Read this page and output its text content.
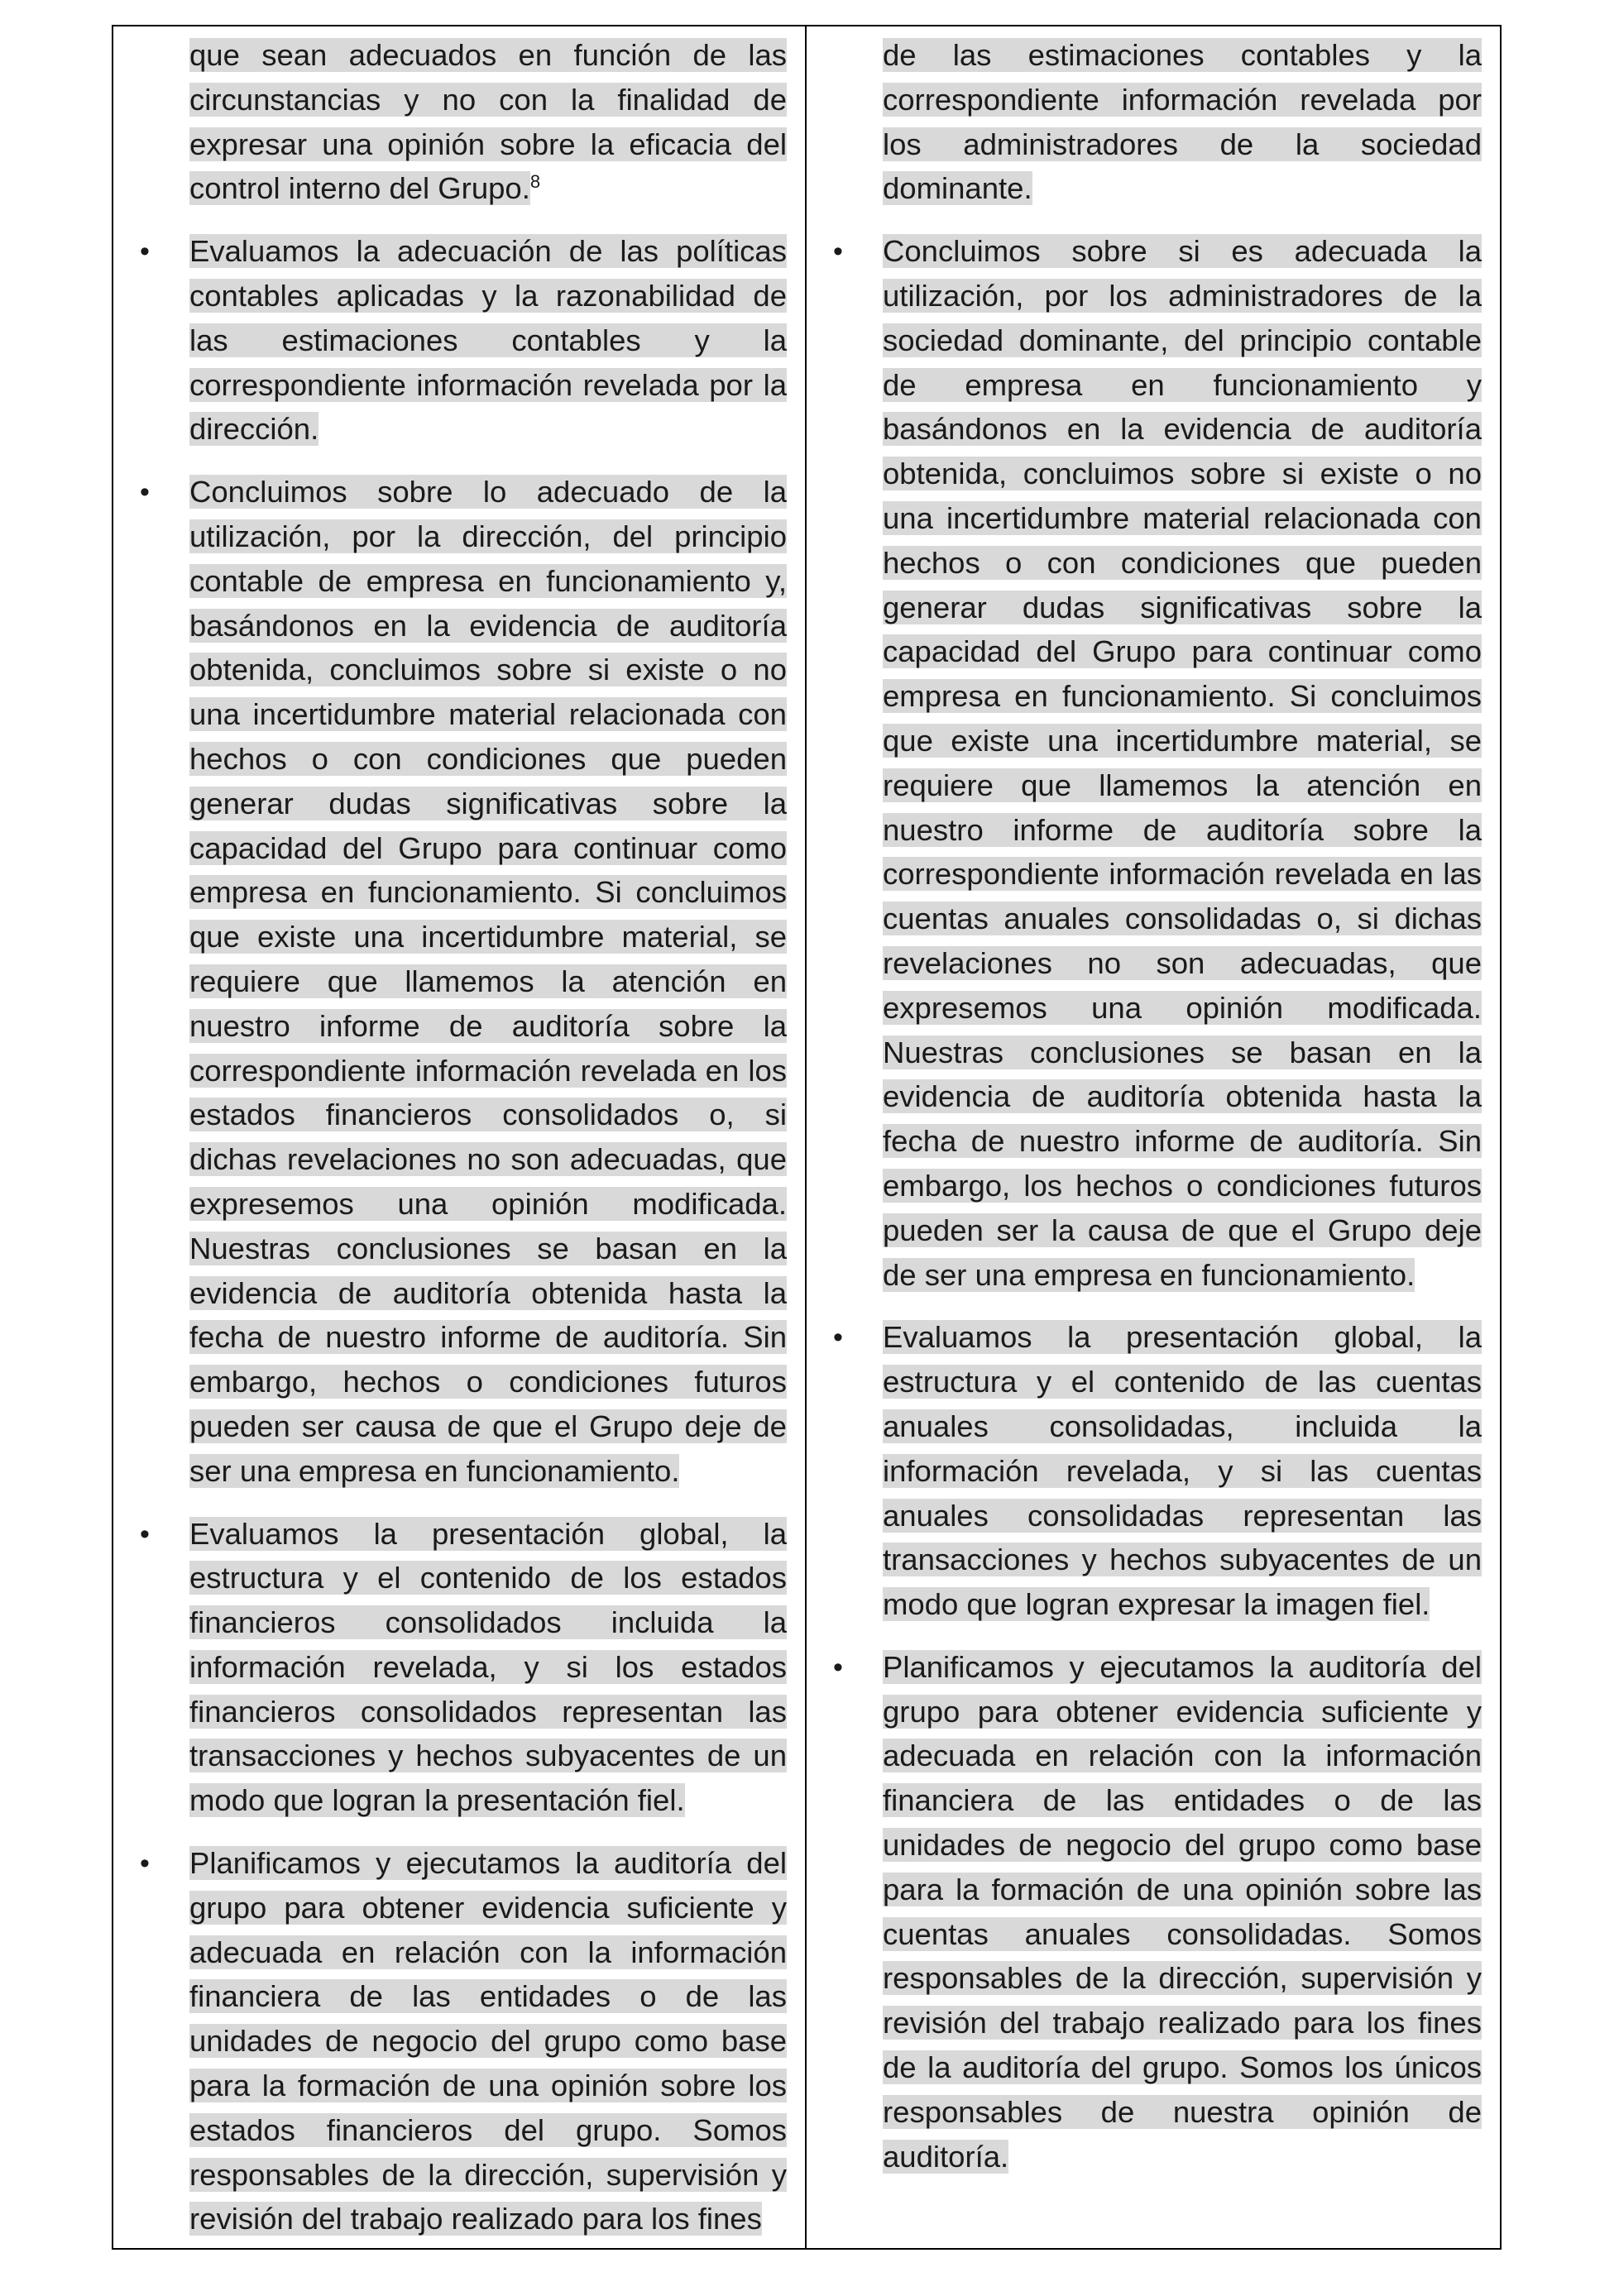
que sean adecuados en función de las circunstancias y no con la finalidad de expresar una opinión sobre la eficacia del control interno del Grupo.$^8$
•	Evaluamos la adecuación de las políticas contables aplicadas y la razonabilidad de las estimaciones contables y la correspondiente información revelada por la dirección.
•	Concluimos sobre lo adecuado de la utilización, por la dirección, del principio contable de empresa en funcionamiento y, basándonos en la evidencia de auditoría obtenida, concluimos sobre si existe o no una incertidumbre material relacionada con hechos o con condiciones que pueden generar dudas significativas sobre la capacidad del Grupo para continuar como empresa en funcionamiento. Si concluimos que existe una incertidumbre material, se requiere que llamemos la atención en nuestro informe de auditoría sobre la correspondiente información revelada en los estados financieros consolidados o, si dichas revelaciones no son adecuadas, que expresemos una opinión modificada. Nuestras conclusiones se basan en la evidencia de auditoría obtenida hasta la fecha de nuestro informe de auditoría. Sin embargo, hechos o condiciones futuros pueden ser causa de que el Grupo deje de ser una empresa en funcionamiento.
•	Evaluamos la presentación global, la estructura y el contenido de los estados financieros consolidados incluida la información revelada, y si los estados financieros consolidados representan las transacciones y hechos subyacentes de un modo que logran la presentación fiel.
•	Planificamos y ejecutamos la auditoría del grupo para obtener evidencia suficiente y adecuada en relación con la información financiera de las entidades o de las unidades de negocio del grupo como base para la formación de una opinión sobre los estados financieros del grupo. Somos responsables de la dirección, supervisión y revisión del trabajo realizado para los fines
de las estimaciones contables y la correspondiente información revelada por los administradores de la sociedad dominante.
•	Concluimos sobre si es adecuada la utilización, por los administradores de la sociedad dominante, del principio contable de empresa en funcionamiento y basándonos en la evidencia de auditoría obtenida, concluimos sobre si existe o no una incertidumbre material relacionada con hechos o con condiciones que pueden generar dudas significativas sobre la capacidad del Grupo para continuar como empresa en funcionamiento. Si concluimos que existe una incertidumbre material, se requiere que llamemos la atención en nuestro informe de auditoría sobre la correspondiente información revelada en las cuentas anuales consolidadas o, si dichas revelaciones no son adecuadas, que expresemos una opinión modificada. Nuestras conclusiones se basan en la evidencia de auditoría obtenida hasta la fecha de nuestro informe de auditoría. Sin embargo, los hechos o condiciones futuros pueden ser la causa de que el Grupo deje de ser una empresa en funcionamiento.
•	Evaluamos la presentación global, la estructura y el contenido de las cuentas anuales consolidadas, incluida la información revelada, y si las cuentas anuales consolidadas representan las transacciones y hechos subyacentes de un modo que logran expresar la imagen fiel.
•	Planificamos y ejecutamos la auditoría del grupo para obtener evidencia suficiente y adecuada en relación con la información financiera de las entidades o de las unidades de negocio del grupo como base para la formación de una opinión sobre las cuentas anuales consolidadas. Somos responsables de la dirección, supervisión y revisión del trabajo realizado para los fines de la auditoría del grupo. Somos los únicos responsables de nuestra opinión de auditoría.
